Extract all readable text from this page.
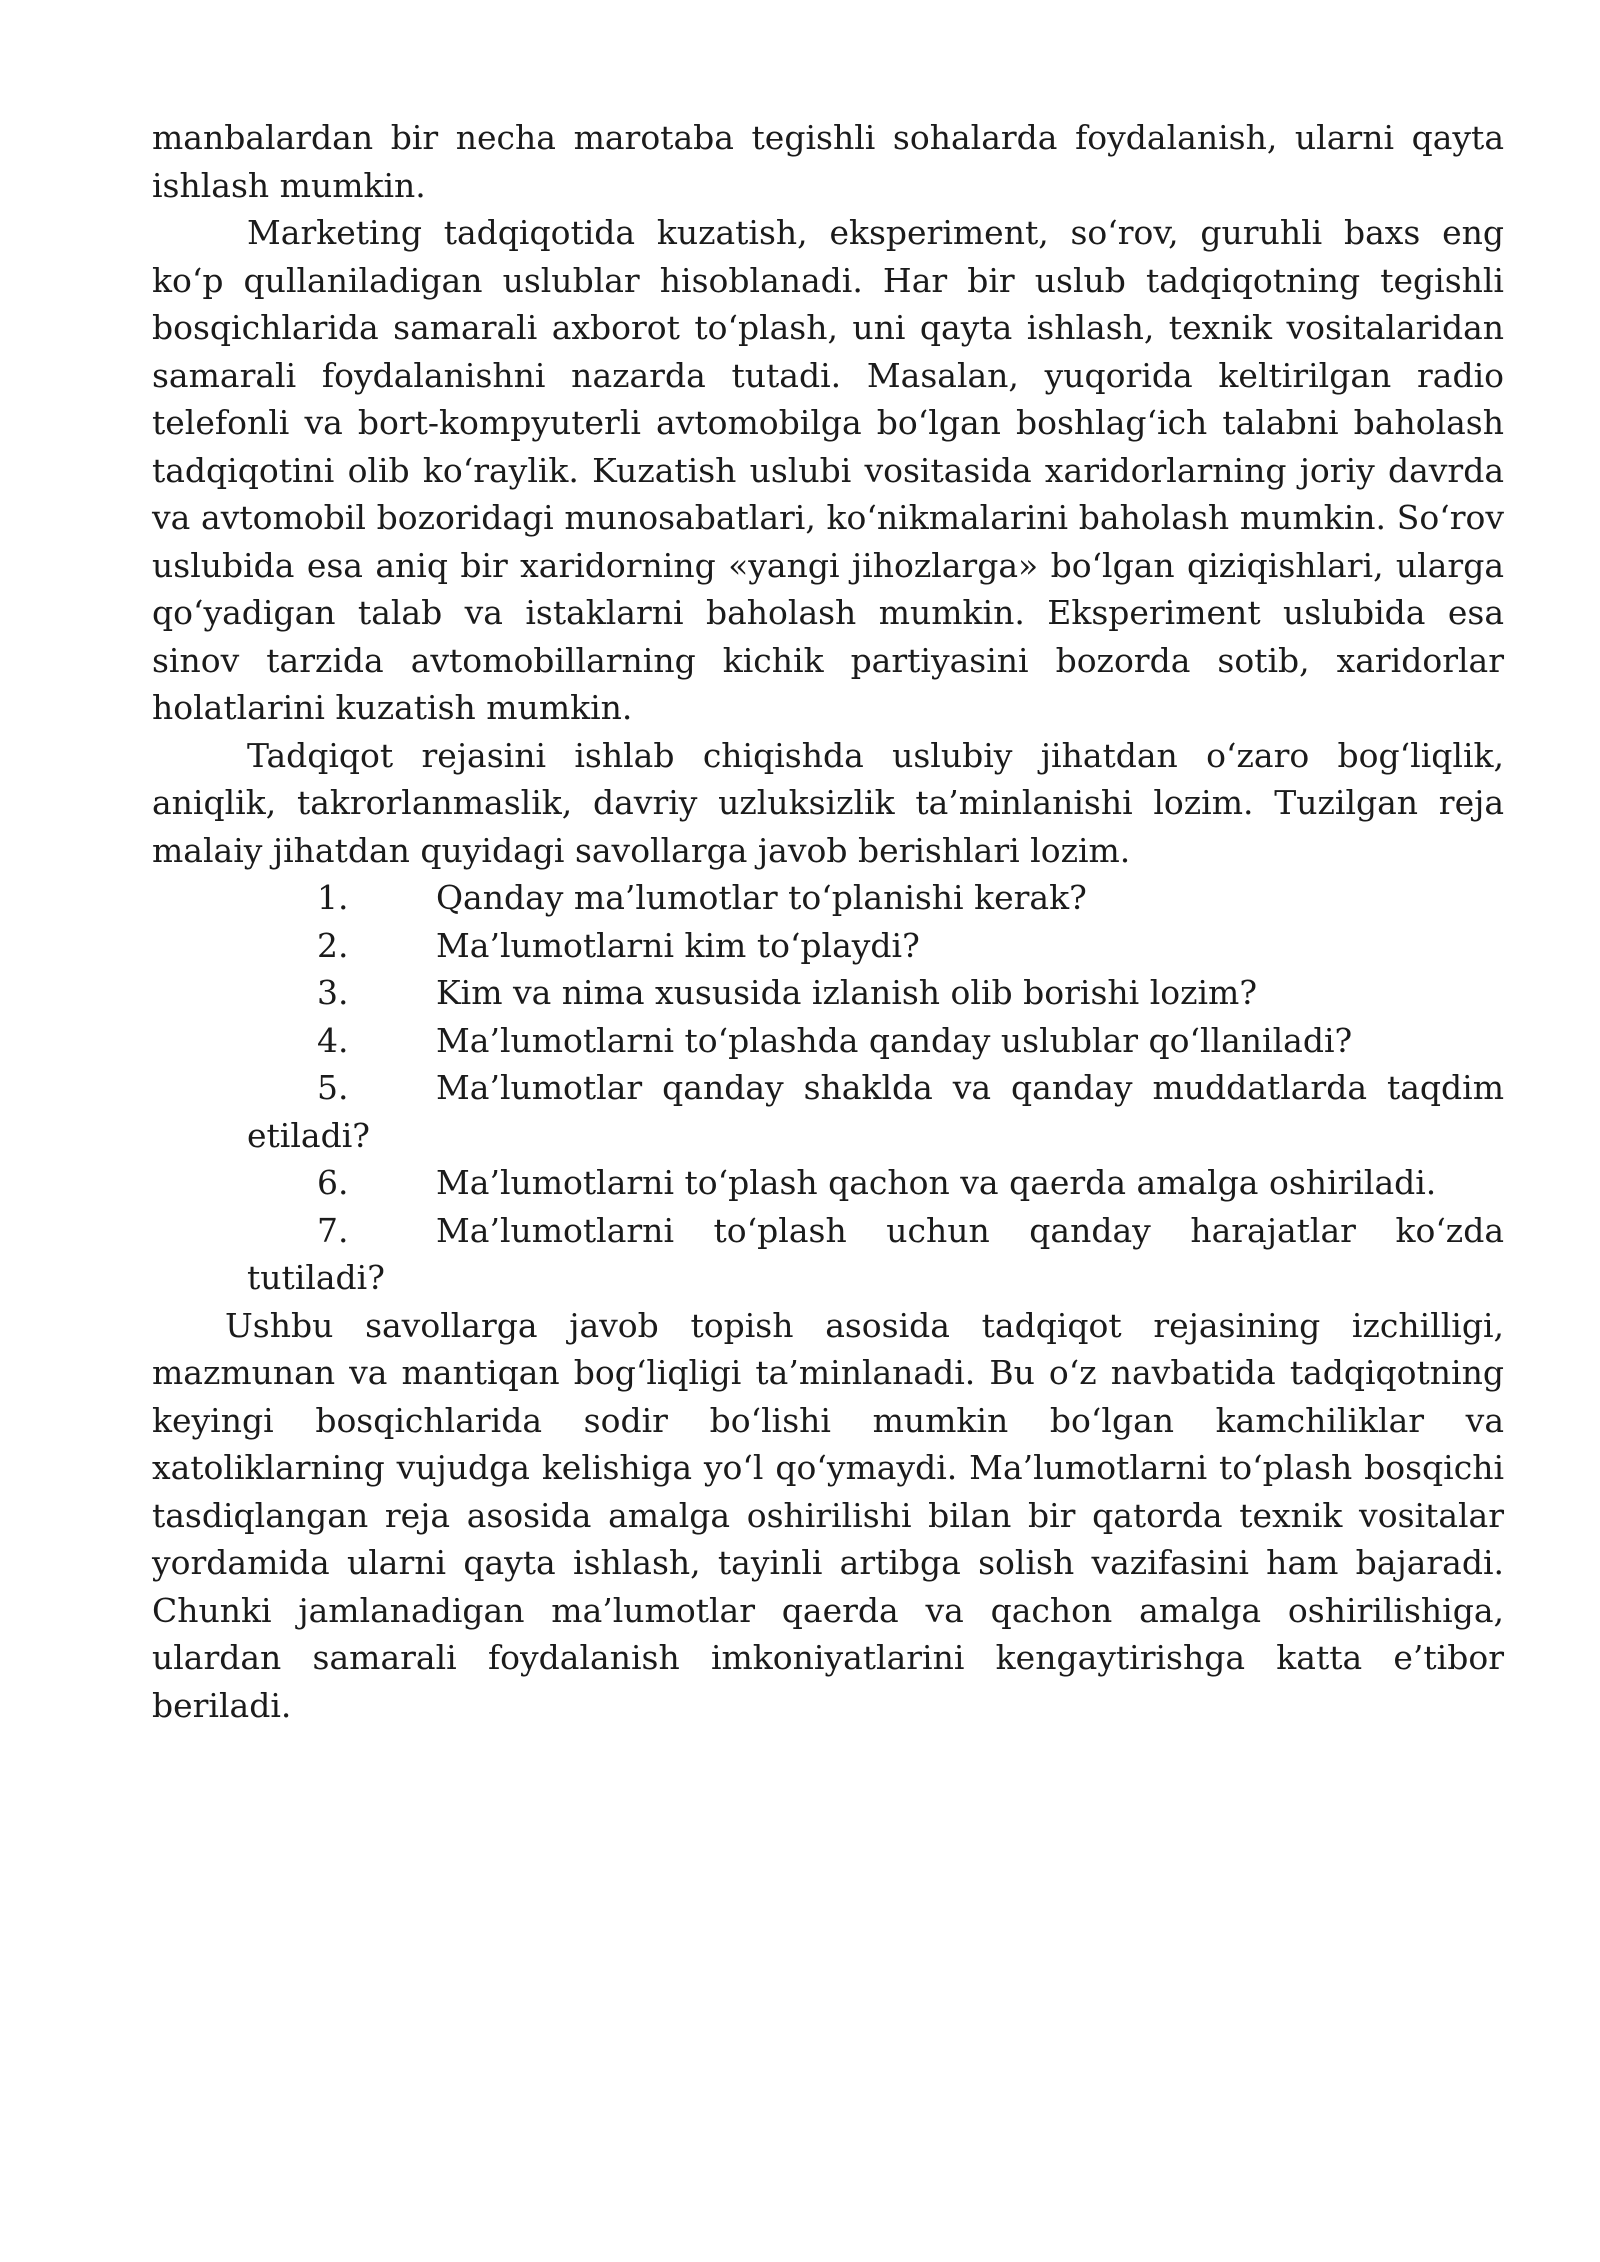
manbalardan bir necha marotaba tegishli sohalarda foydalanish, ularni qayta ishlash mumkin.

Marketing tadqiqotida kuzatish, eksperiment, so‘rov, guruhli baxs eng ko‘p qullaniladigan uslublar hisoblanadi. Har bir uslub tadqiqotning tegishli bosqichlarida samarali axborot to‘plash, uni qayta ishlash, texnik vositalaridan samarali foydalanishni nazarda tutadi. Masalan, yuqorida keltirilgan radio telefonli va bort-kompyuterli avtomobilga bo‘lgan boshlag‘ich talabni baholash tadqiqotini olib ko‘raylik. Kuzatish uslubi vositasida xaridorlarning joriy davrda va avtomobil bozoridagi munosabatlari, ko‘nikmalarini baholash mumkin. So‘rov uslubida esa aniq bir xaridorning «yangi jihozlarga» bo‘lgan qiziqishlari, ularga qo‘yadigan talab va istaklarni baholash mumkin. Eksperiment uslubida esa sinov tarzida avtomobillarning kichik partiyasini bozorda sotib, xaridorlar holatlarini kuzatish mumkin.

Tadqiqot rejasini ishlab chiqishda uslubiy jihatdan o‘zaro bog‘liqlik, aniqlik, takrorlanmaslik, davriy uzluksizlik ta’minlanishi lozim. Tuzilgan reja malaiy jihatdan quyidagi savollarga javob berishlari lozim.

1.	Qanday ma’lumotlar to‘planishi kerak?
2.	Ma’lumotlarni kim to‘playdi?
3.	Kim va nima xususida izlanish olib borishi lozim?
4.	Ma’lumotlarni to‘plashda qanday uslublar qo‘llaniladi?
5.	Ma’lumotlar qanday shaklda va qanday muddatlarda taqdim etiladi?
6.	Ma’lumotlarni to‘plash qachon va qaerda amalga oshiriladi.
7.	Ma’lumotlarni to‘plash uchun qanday harajatlar ko‘zda tutiladi?

Ushbu savollarga javob topish asosida tadqiqot rejasining izchilligi, mazmunan va mantiqan bog‘liqligi ta’minlanadi. Bu o‘z navbatida tadqiqotning keyingi bosqichlarida sodir bo‘lishi mumkin bo‘lgan kamchiliklar va xatoliklarning vujudga kelishiga yo‘l qo‘ymaydi. Ma’lumotlarni to‘plash bosqichi tasdiqlangan reja asosida amalga oshirilishi bilan bir qatorda texnik vositalar yordamida ularni qayta ishlash, tayinli artibga solish vazifasini ham bajaradi. Chunki jamlanadigan ma’lumotlar qaerda va qachon amalga oshirilishiga, ulardan samarali foydalanish imkoniyatlarini kengaytirishga katta e’tibor beriladi.
